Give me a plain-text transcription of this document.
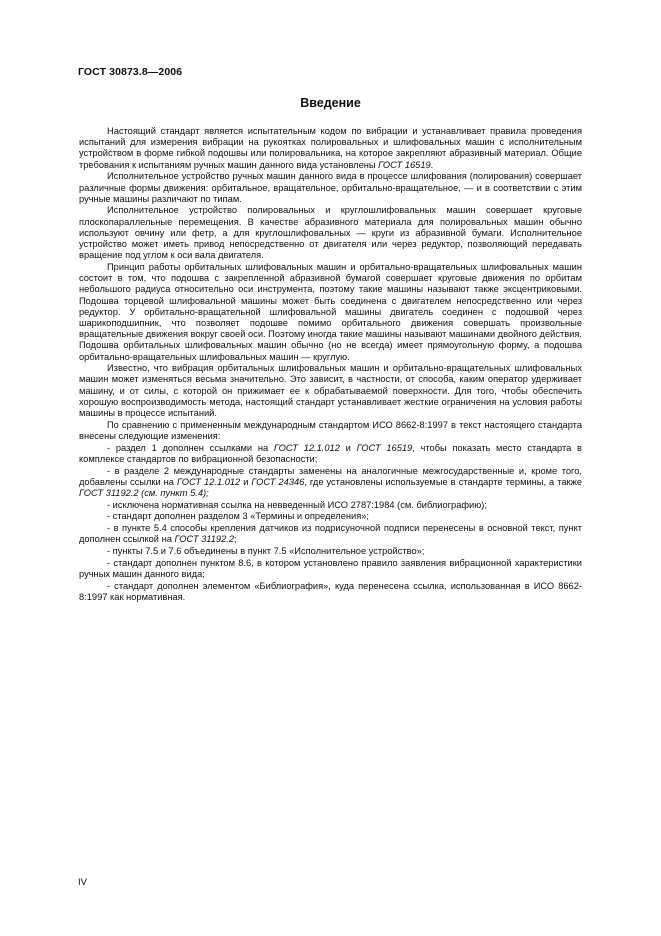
ГОСТ 30873.8—2006
Введение

Настоящий стандарт является испытательным кодом по вибрации и устанавливает правила проведения испытаний для измерения вибрации на рукоятках полировальных и шлифовальных машин с исполнительным устройством в форме гибкой подошвы или полировальника, на которое закрепляют абразивный материал. Общие требования к испытаниям ручных машин данного вида установлены ГОСТ 16519.

Исполнительное устройство ручных машин данного вида в процессе шлифования (полирования) совершает различные формы движения: орбитальное, вращательное, орбитально-вращательное, — и в соответствии с этим ручные машины различают по типам.

Исполнительное устройство полировальных и круглошлифовальных машин совершает круговые плоскопараллельные перемещения. В качестве абразивного материала для полировальных машин обычно используют овчину или фетр, а для круглошлифовальных — круги из абразивной бумаги. Исполнительное устройство может иметь привод непосредственно от двигателя или через редуктор, позволяющий передавать вращение под углом к оси вала двигателя.

Принцип работы орбитальных шлифовальных машин и орбитально-вращательных шлифовальных машин состоит в том, что подошва с закрепленной абразивной бумагой совершает круговые движения по орбитам небольшого радиуса относительно оси инструмента, поэтому такие машины называют также эксцентриковыми. Подошва торцевой шлифовальной машины может быть соединена с двигателем непосредственно или через редуктор. У орбитально-вращательной шлифовальной машины двигатель соединен с подошвой через шарикоподшипник, что позволяет подошве помимо орбитального движения совершать произвольные вращательные движения вокруг своей оси. Поэтому иногда такие машины называют машинами двойного действия. Подошва орбитальных шлифовальных машин обычно (но не всегда) имеет прямоугольную форму, а подошва орбитально-вращательных шлифовальных машин — круглую.

Известно, что вибрация орбитальных шлифовальных машин и орбитально-вращательных шлифовальных машин может изменяться весьма значительно. Это зависит, в частности, от способа, каким оператор удерживает машину, и от силы, с которой он прижимает ее к обрабатываемой поверхности. Для того, чтобы обеспечить хорошую воспроизводимость метода, настоящий стандарт устанавливает жесткие ограничения на условия работы машины в процессе испытаний.

По сравнению с примененным международным стандартом ИСО 8662-8:1997 в текст настоящего стандарта внесены следующие изменения:

- раздел 1 дополнен ссылками на ГОСТ 12.1.012 и ГОСТ 16519, чтобы показать место стандарта в комплексе стандартов по вибрационной безопасности;

- в разделе 2 международные стандарты заменены на аналогичные межгосударственные и, кроме того, добавлены ссылки на ГОСТ 12.1.012 и ГОСТ 24346, где установлены используемые в стандарте термины, а также ГОСТ 31192.2 (см. пункт 5.4);

- исключена нормативная ссылка на невведенный ИСО 2787:1984 (см. библиографию);

- стандарт дополнен разделом 3 «Термины и определения»;

- в пункте 5.4 способы крепления датчиков из подрисуночной подписи перенесены в основной текст, пункт дополнен ссылкой на ГОСТ 31192.2;

- пункты 7.5 и 7.6 объединены в пункт 7.5 «Исполнительное устройство»;

- стандарт дополнен пунктом 8.6, в котором установлено правило заявления вибрационной характеристики ручных машин данного вида;

- стандарт дополнен элементом «Библиография», куда перенесена ссылка, использованная в ИСО 8662-8:1997 как нормативная.

IV
